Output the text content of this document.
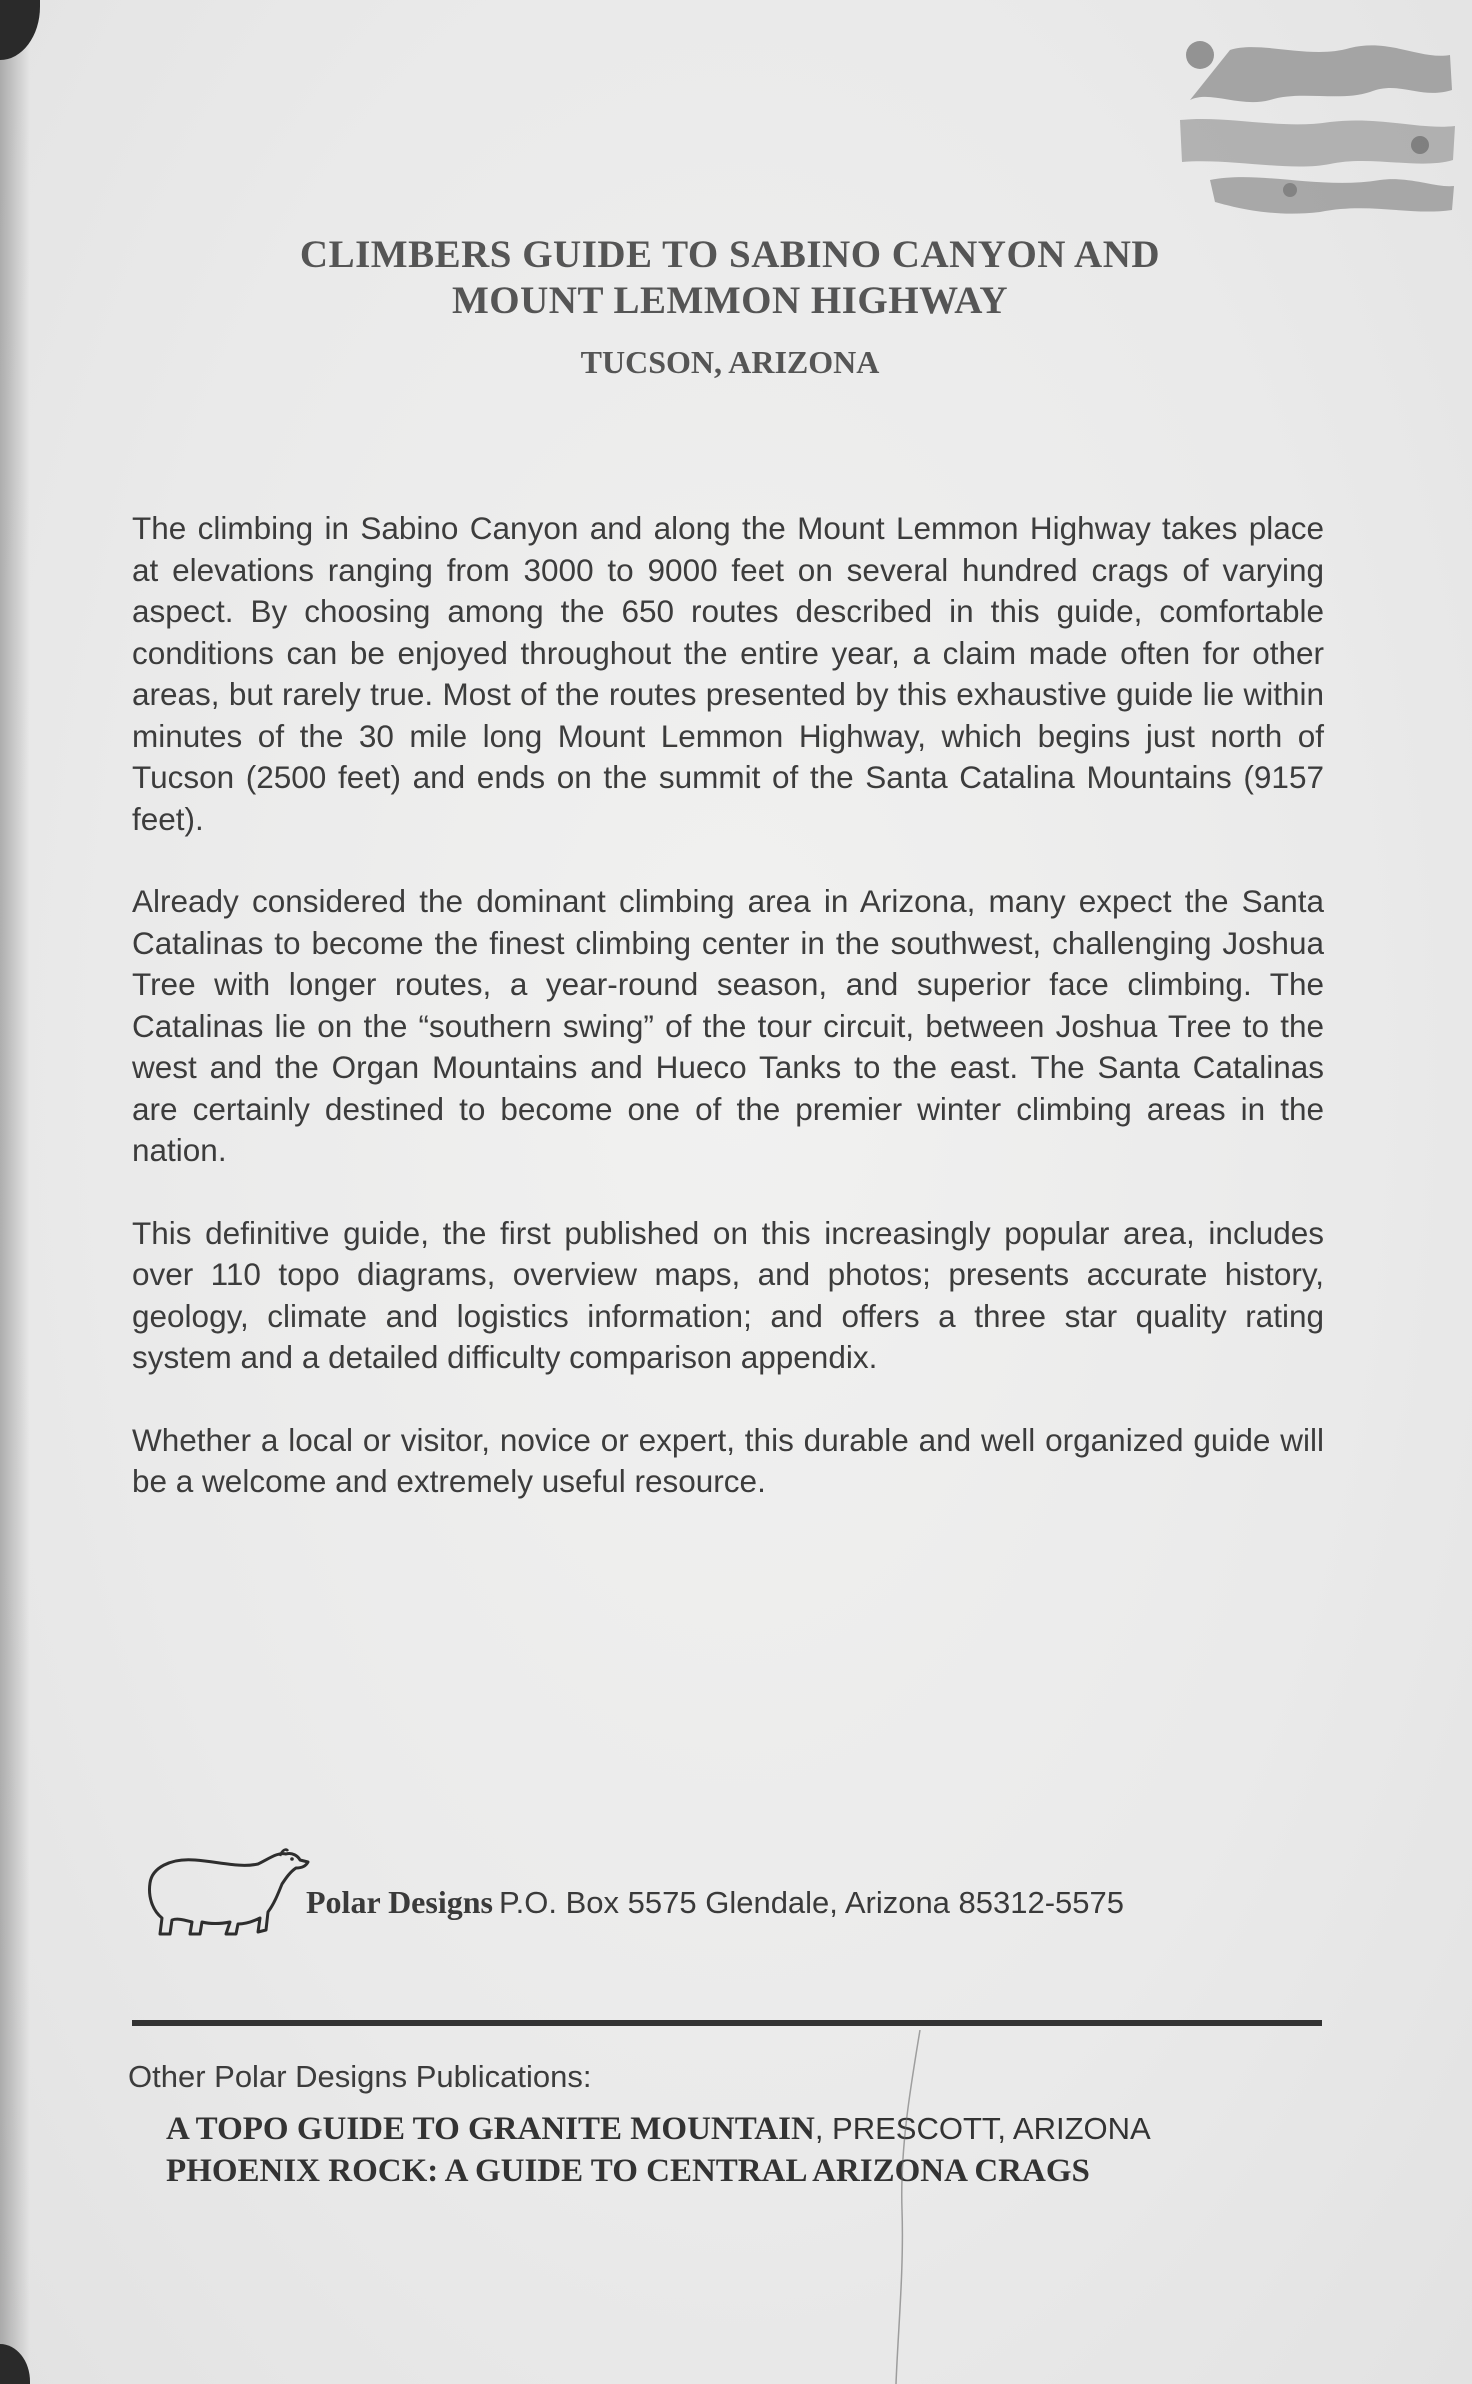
CLIMBERS GUIDE TO SABINO CANYON AND
MOUNT LEMMON HIGHWAY
TUCSON, ARIZONA

The climbing in Sabino Canyon and along the Mount Lemmon Highway takes place at elevations ranging from 3000 to 9000 feet on several hundred crags of varying aspect. By choosing among the 650 routes described in this guide, comfortable conditions can be enjoyed throughout the entire year, a claim made often for other areas, but rarely true. Most of the routes presented by this exhaustive guide lie within minutes of the 30 mile long Mount Lemmon Highway, which begins just north of Tucson (2500 feet) and ends on the summit of the Santa Catalina Mountains (9157 feet).

Already considered the dominant climbing area in Arizona, many expect the Santa Catalinas to become the finest climbing center in the southwest, challenging Joshua Tree with longer routes, a year-round season, and superior face climbing. The Catalinas lie on the “southern swing” of the tour circuit, between Joshua Tree to the west and the Organ Mountains and Hueco Tanks to the east. The Santa Catalinas are certainly destined to become one of the premier winter climbing areas in the nation.

This definitive guide, the first published on this increasingly popular area, includes over 110 topo diagrams, overview maps, and photos; presents accurate history, geology, climate and logistics information; and offers a three star quality rating system and a detailed difficulty comparison appendix.

Whether a local or visitor, novice or expert, this durable and well organized guide will be a welcome and extremely useful resource.

Polar Designs P.O. Box 5575 Glendale, Arizona 85312-5575
Other Polar Designs Publications:
A TOPO GUIDE TO GRANITE MOUNTAIN, PRESCOTT, ARIZONA
PHOENIX ROCK: A GUIDE TO CENTRAL ARIZONA CRAGS
